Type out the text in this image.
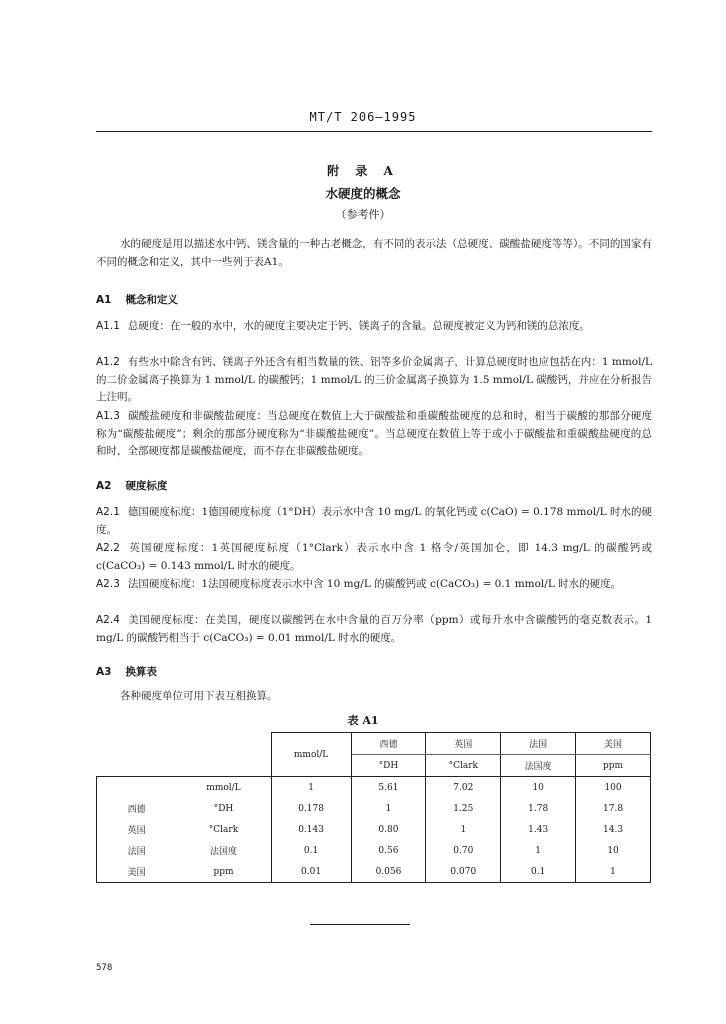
MT/T 206—1995
附 录 A
水硬度的概念
（参考件）
水的硬度是用以描述水中钙、镁含量的一种古老概念，有不同的表示法（总硬度、碳酸盐硬度等等）。不同的国家有不同的概念和定义，其中一些列于表A1。
A1 概念和定义
A1.1 总硬度：在一般的水中，水的硬度主要决定于钙、镁离子的含量。总硬度被定义为钙和镁的总浓度。
A1.2 有些水中除含有钙、镁离子外还含有相当数量的铁、铝等多价金属离子，计算总硬度时也应包括在内：1 mmol/L 的二价金属离子换算为 1 mmol/L 的碳酸钙；1 mmol/L 的三价金属离子换算为 1.5 mmol/L 碳酸钙，并应在分析报告上注明。
A1.3 碳酸盐硬度和非碳酸盐硬度：当总硬度在数值上大于碳酸盐和重碳酸盐硬度的总和时，相当于碳酸的那部分硬度称为“碳酸盐硬度”；剩余的那部分硬度称为“非碳酸盐硬度”。当总硬度在数值上等于或小于碳酸盐和重碳酸盐硬度的总和时，全部硬度都是碳酸盐硬度，而不存在非碳酸盐硬度。
A2 硬度标度
A2.1 德国硬度标度：1德国硬度标度（1°DH）表示水中含 10 mg/L 的氧化钙或 c(CaO) = 0.178 mmol/L 时水的硬度。
A2.2 英国硬度标度：1英国硬度标度（1°Clark）表示水中含 1 格令/英国加仑，即 14.3 mg/L 的碳酸钙或 c(CaCO₃) = 0.143 mmol/L 时水的硬度。
A2.3 法国硬度标度：1法国硬度标度表示水中含 10 mg/L 的碳酸钙或 c(CaCO₃) = 0.1 mmol/L 时水的硬度。
A2.4 美国硬度标度：在美国，硬度以碳酸钙在水中含量的百万分率（ppm）或每升水中含碳酸钙的毫克数表示。1 mg/L 的碳酸钙相当于 c(CaCO₃) = 0.01 mmol/L 时水的硬度。
A3 换算表
各种硬度单位可用下表互相换算。
表 A1
		mmol/L	西德	英国	法国	美国
			°DH	°Clark	法国度	ppm
	mmol/L	1	5.61	7.02	10	100
西德	°DH	0.178	1	1.25	1.78	17.8
英国	°Clark	0.143	0.80	1	1.43	14.3
法国	法国度	0.1	0.56	0.70	1	10
美国	ppm	0.01	0.056	0.070	0.1	1
578
